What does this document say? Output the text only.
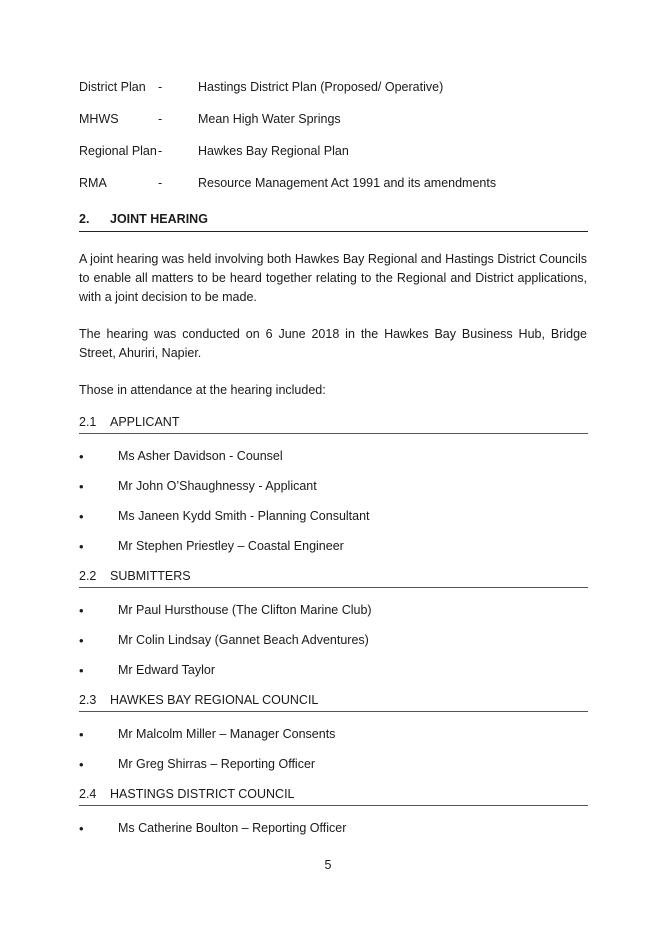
District Plan -	Hastings District Plan (Proposed/ Operative)
MHWS	-	Mean High Water Springs
Regional Plan -	Hawkes Bay Regional Plan
RMA	-	Resource Management Act 1991 and its amendments
2. JOINT HEARING
A joint hearing was held involving both Hawkes Bay Regional and Hastings District Councils to enable all matters to be heard together relating to the Regional and District applications, with a joint decision to be made.
The hearing was conducted on 6 June 2018 in the Hawkes Bay Business Hub, Bridge Street, Ahuriri, Napier.
Those in attendance at the hearing included:
2.1 APPLICANT
•	Ms Asher Davidson - Counsel
•	Mr John O’Shaughnessy - Applicant
•	Ms Janeen Kydd Smith - Planning Consultant
•	Mr Stephen Priestley – Coastal Engineer
2.2 SUBMITTERS
•	Mr Paul Hursthouse (The Clifton Marine Club)
•	Mr Colin Lindsay (Gannet Beach Adventures)
•	Mr Edward Taylor
2.3 HAWKES BAY REGIONAL COUNCIL
•	Mr Malcolm Miller – Manager Consents
•	Mr Greg Shirras – Reporting Officer
2.4 HASTINGS DISTRICT COUNCIL
•	Ms Catherine Boulton – Reporting Officer
5
